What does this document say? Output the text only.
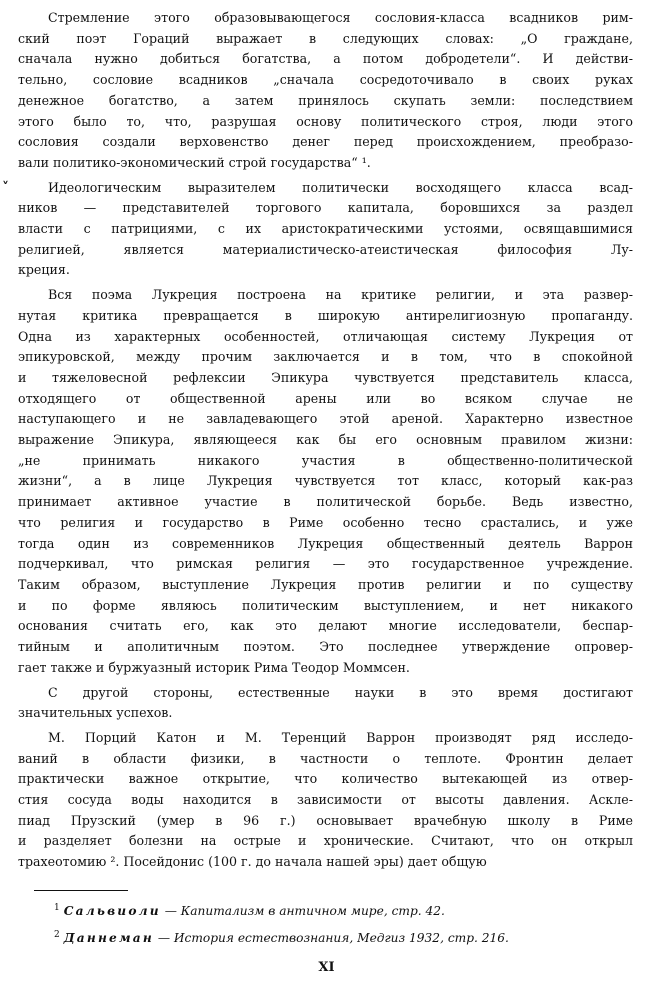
Стремление этого образовывающегося сословия-класса всадников рим-
ский поэт Гораций выражает в следующих словах: „О граждане,
сначала нужно добиться богатства, а потом добродетели“. И действи-
тельно, сословие всадников „сначала сосредоточивало в своих руках
денежное богатство, а затем принялось скупать земли: последствием
этого было то, что, разрушая основу политического строя, люди этого
сословия создали верховенство денег перед происхождением, преобразо-
вали политико-экономический строй государства“ ¹.
Идеологическим выразителем политически восходящего класса всад-
ников — представителей торгового капитала, боровшихся за раздел
власти с патрициями, с их аристократическими устоями, освящавшимися
религией, является материалистическо-атеистическая философия Лу-
креция.
˅
Вся поэма Лукреция построена на критике религии, и эта развер-
нутая критика превращается в широкую антирелигиозную пропаганду.
Одна из характерных особенностей, отличающая систему Лукреция от
эпикуровской, между прочим заключается и в том, что в спокойной
и тяжеловесной рефлексии Эпикура чувствуется представитель класса,
отходящего от общественной арены или во всяком случае не
наступающего и не завладевающего этой ареной. Характерно известное
выражение Эпикура, являющееся как бы его основным правилом жизни:
„не принимать никакого участия в общественно-политической
жизни“, а в лице Лукреция чувствуется тот класс, который как-раз
принимает активное участие в политической борьбе. Ведь известно,
что религия и государство в Риме особенно тесно срастались, и уже
тогда один из современников Лукреция общественный деятель Варрон
подчеркивал, что римская религия — это государственное учреждение.
Таким образом, выступление Лукреция против религии и по существу
и по форме являюсь политическим выступлением, и нет никакого
основания считать его, как это делают многие исследователи, беспар-
тийным и аполитичным поэтом. Это последнее утверждение опровер-
гает также и буржуазный историк Рима Теодор Моммсен.
С другой стороны, естественные науки в это время достигают
значительных успехов.
М. Порций Катон и М. Теренций Варрон производят ряд исследо-
ваний в области физики, в частности о теплоте. Фронтин делает
практически важное открытие, что количество вытекающей из отвер-
стия сосуда воды находится в зависимости от высоты давления. Аскле-
пиад Прузский (умер в 96 г.) основывает врачебную школу в Риме
и разделяет болезни на острые и хронические. Считают, что он открыл
трахеотомию ². Посейдонис (100 г. до начала нашей эры) дает общую
$^1$ Сальвиоли — Капитализм в античном мире, стр. 42.
$^2$ Даннеман — История естествознания, Медгиз 1932, стр. 216.
XI
